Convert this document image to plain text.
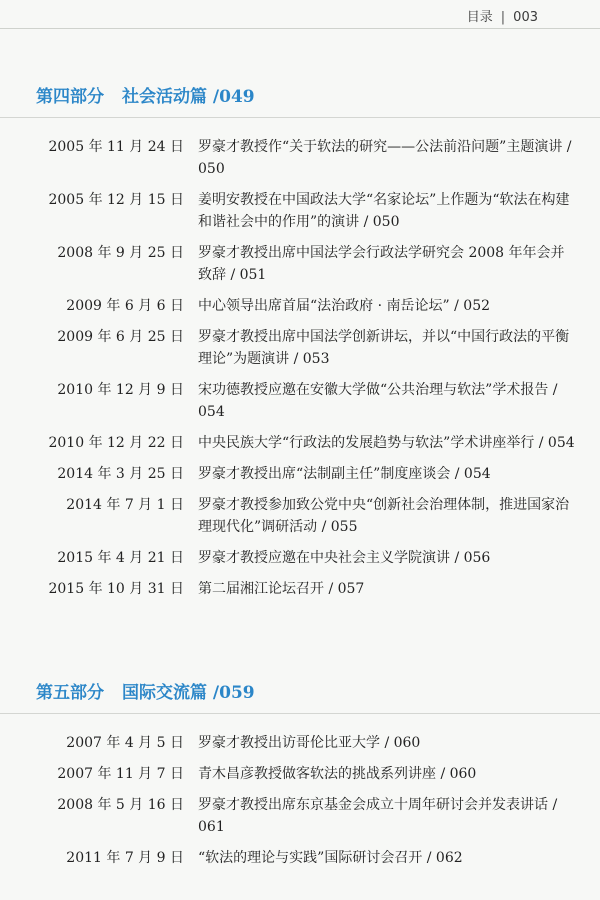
目录 | 003
第四部分 社会活动篇 /049
2005 年 11 月 24 日 罗豪才教授作“关于软法的研究——公法前沿问题”主题演讲 / 050
2005 年 12 月 15 日 姜明安教授在中国政法大学“名家论坛”上作题为“软法在构建和谐社会中的作用”的演讲 / 050
2008 年 9 月 25 日 罗豪才教授出席中国法学会行政法学研究会 2008 年年会并致辞 / 051
2009 年 6 月 6 日 中心领导出席首届“法治政府 · 南岳论坛” / 052
2009 年 6 月 25 日 罗豪才教授出席中国法学创新讲坛，并以“中国行政法的平衡理论”为题演讲 / 053
2010 年 12 月 9 日 宋功德教授应邀在安徽大学做“公共治理与软法”学术报告 / 054
2010 年 12 月 22 日 中央民族大学“行政法的发展趋势与软法”学术讲座举行 / 054
2014 年 3 月 25 日 罗豪才教授出席“法制副主任”制度座谈会 / 054
2014 年 7 月 1 日 罗豪才教授参加致公党中央“创新社会治理体制，推进国家治理现代化”调研活动 / 055
2015 年 4 月 21 日 罗豪才教授应邀在中央社会主义学院演讲 / 056
2015 年 10 月 31 日 第二届湘江论坛召开 / 057
第五部分 国际交流篇 /059
2007 年 4 月 5 日 罗豪才教授出访哥伦比亚大学 / 060
2007 年 11 月 7 日 青木昌彦教授做客软法的挑战系列讲座 / 060
2008 年 5 月 16 日 罗豪才教授出席东京基金会成立十周年研讨会并发表讲话 / 061
2011 年 7 月 9 日 “软法的理论与实践”国际研讨会召开 / 062
